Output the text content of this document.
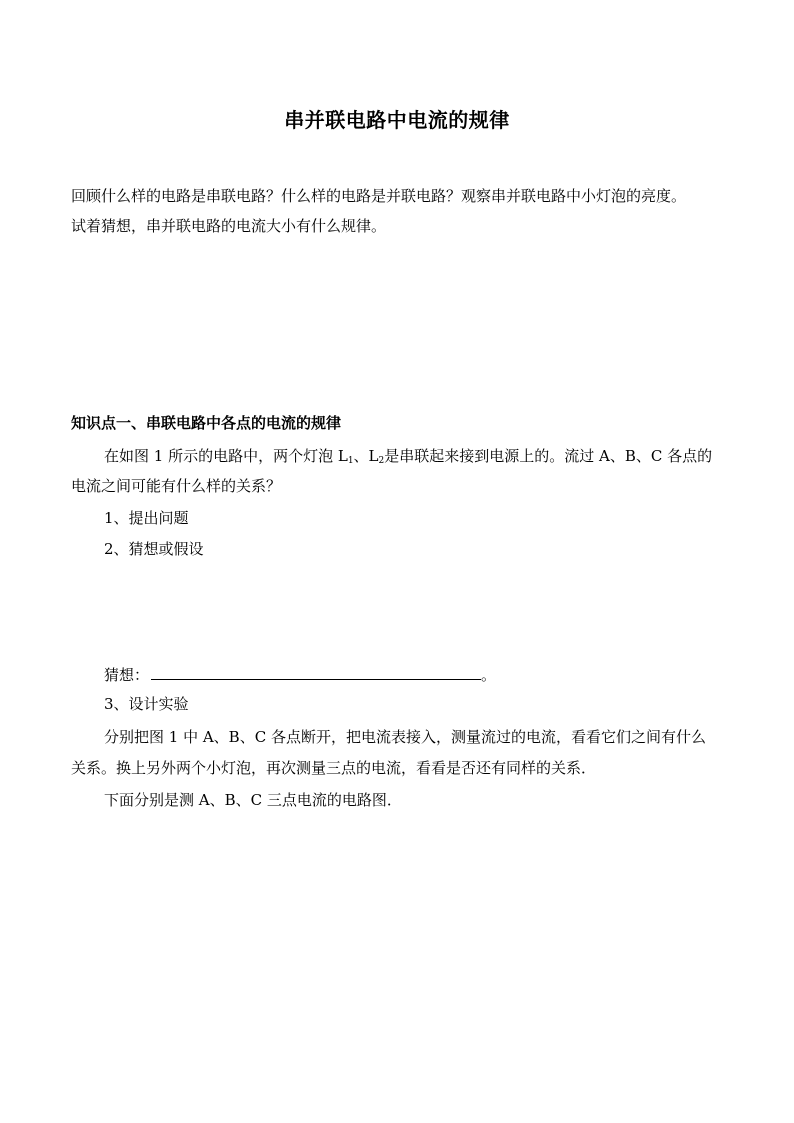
串并联电路中电流的规律
回顾什么样的电路是串联电路？什么样的电路是并联电路？观察串并联电路中小灯泡的亮度。
试着猜想，串并联电路的电流大小有什么规律。
知识点一、串联电路中各点的电流的规律
在如图 1 所示的电路中，两个灯泡 $L_1$、$L_2$是串联起来接到电源上的。流过 A、B、C 各点的
电流之间可能有什么样的关系？
1、提出问题
2、猜想或假设
猜想：	。
3、设计实验
分别把图 1 中 A、B、C 各点断开，把电流表接入，测量流过的电流，看看它们之间有什么
关系。换上另外两个小灯泡，再次测量三点的电流，看看是否还有同样的关系．
下面分别是测 A、B、C 三点电流的电路图．
